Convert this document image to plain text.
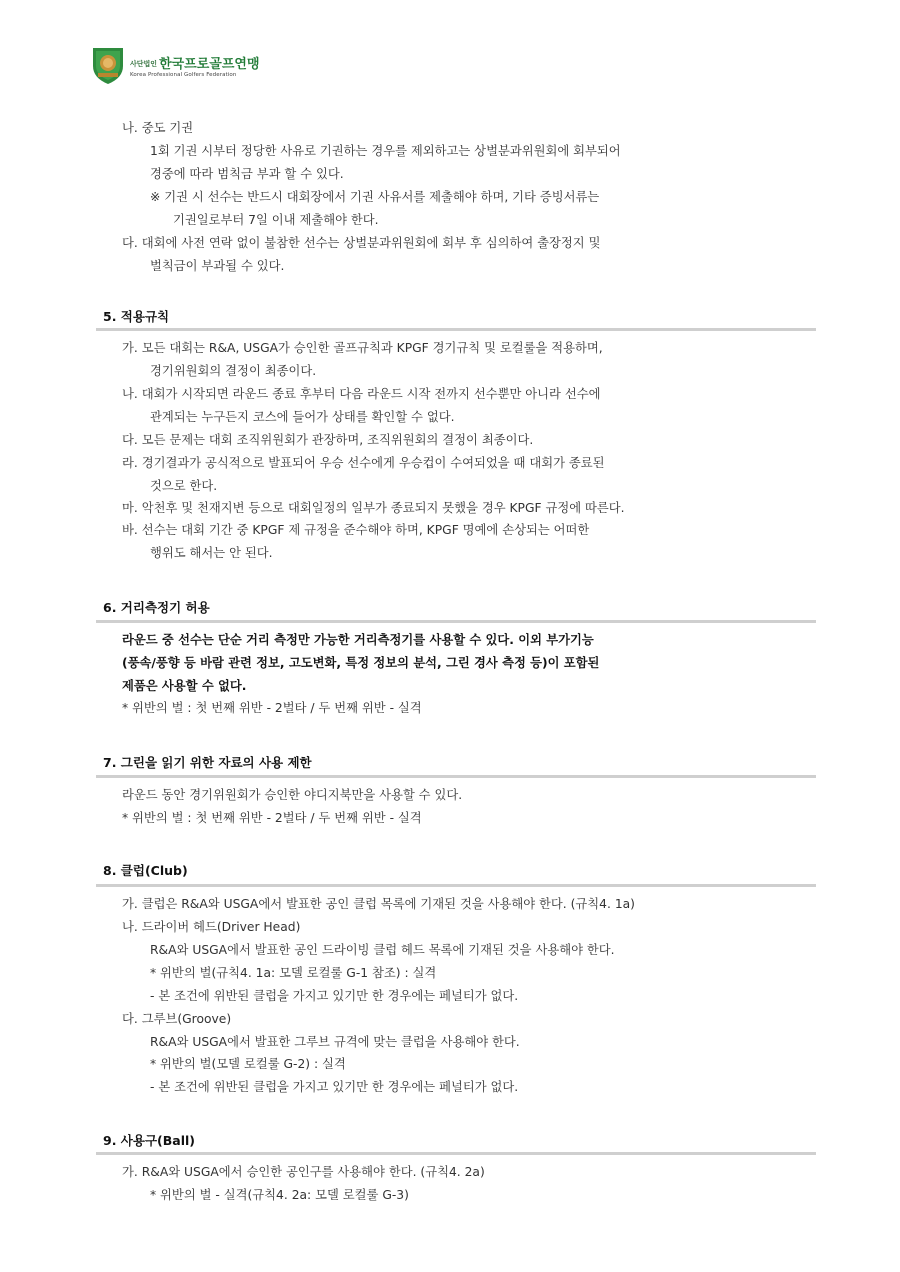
사단법인 한국프로골프연맹
Korea Professional Golfers Federation
나. 중도 기권
1회 기권 시부터 정당한 사유로 기권하는 경우를 제외하고는 상벌분과위원회에 회부되어
경중에 따라 범칙금 부과 할 수 있다.
※ 기권 시 선수는 반드시 대회장에서 기권 사유서를 제출해야 하며, 기타 증빙서류는
기권일로부터 7일 이내 제출해야 한다.
다. 대회에 사전 연락 없이 불참한 선수는 상벌분과위원회에 회부 후 심의하여 출장정지 및
벌칙금이 부과될 수 있다.
5. 적용규칙
가. 모든 대회는 R&A, USGA가 승인한 골프규칙과 KPGF 경기규칙 및 로컬룰을 적용하며,
경기위원회의 결정이 최종이다.
나. 대회가 시작되면 라운드 종료 후부터 다음 라운드 시작 전까지 선수뿐만 아니라 선수에
관계되는 누구든지 코스에 들어가 상태를 확인할 수 없다.
다. 모든 문제는 대회 조직위원회가 관장하며, 조직위원회의 결정이 최종이다.
라. 경기결과가 공식적으로 발표되어 우승 선수에게 우승컵이 수여되었을 때 대회가 종료된
것으로 한다.
마. 악천후 및 천재지변 등으로 대회일정의 일부가 종료되지 못했을 경우 KPGF 규정에 따른다.
바. 선수는 대회 기간 중 KPGF 제 규정을 준수해야 하며, KPGF 명예에 손상되는 어떠한
행위도 해서는 안 된다.
6. 거리측정기 허용
라운드 중 선수는 단순 거리 측정만 가능한 거리측정기를 사용할 수 있다. 이외 부가기능
(풍속/풍향 등 바람 관련 정보, 고도변화, 특정 정보의 분석, 그린 경사 측정 등)이 포함된
제품은 사용할 수 없다.
* 위반의 벌 : 첫 번째 위반 - 2벌타 / 두 번째 위반 - 실격
7. 그린을 읽기 위한 자료의 사용 제한
라운드 동안 경기위원회가 승인한 야디지북만을 사용할 수 있다.
* 위반의 벌 : 첫 번째 위반 - 2벌타 / 두 번째 위반 - 실격
8. 클럽(Club)
가. 클럽은 R&A와 USGA에서 발표한 공인 클럽 목록에 기재된 것을 사용해야 한다. (규칙4. 1a)
나. 드라이버 헤드(Driver Head)
R&A와 USGA에서 발표한 공인 드라이빙 클럽 헤드 목록에 기재된 것을 사용해야 한다.
* 위반의 벌(규칙4. 1a: 모델 로컬룰 G-1 참조) : 실격
- 본 조건에 위반된 클럽을 가지고 있기만 한 경우에는 페널티가 없다.
다. 그루브(Groove)
R&A와 USGA에서 발표한 그루브 규격에 맞는 클럽을 사용해야 한다.
* 위반의 벌(모델 로컬룰 G-2) : 실격
- 본 조건에 위반된 클럽을 가지고 있기만 한 경우에는 페널티가 없다.
9. 사용구(Ball)
가. R&A와 USGA에서 승인한 공인구를 사용해야 한다. (규칙4. 2a)
* 위반의 벌 - 실격(규칙4. 2a: 모델 로컬룰 G-3)
